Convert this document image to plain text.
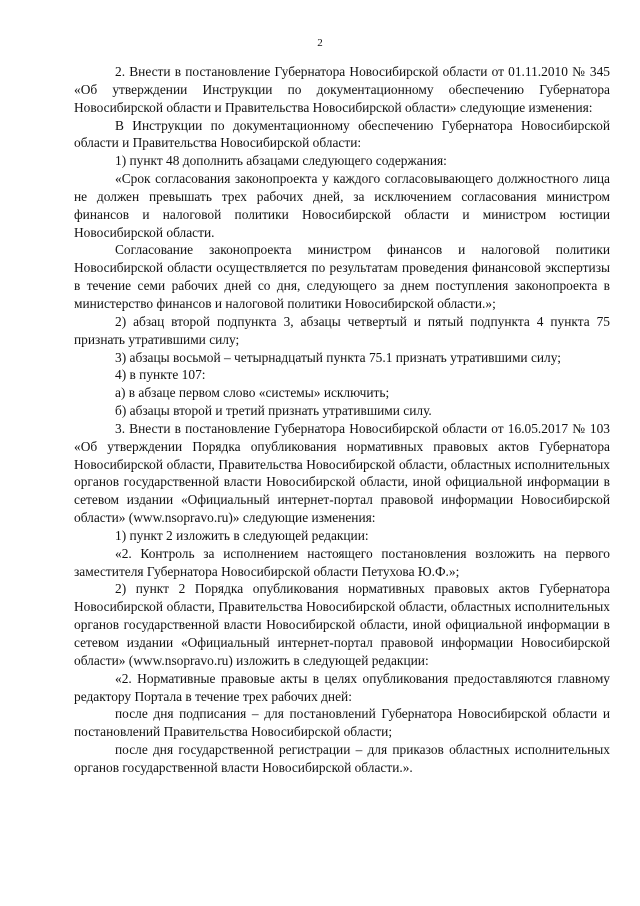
2

2. Внести в постановление Губернатора Новосибирской области от 01.11.2010 № 345 «Об утверждении Инструкции по документационному обеспечению Губернатора Новосибирской области и Правительства Новосибирской области» следующие изменения:

В Инструкции по документационному обеспечению Губернатора Новосибирской области и Правительства Новосибирской области:

1) пункт 48 дополнить абзацами следующего содержания:

«Срок согласования законопроекта у каждого согласовывающего должностного лица не должен превышать трех рабочих дней, за исключением согласования министром финансов и налоговой политики Новосибирской области и министром юстиции Новосибирской области.

Согласование законопроекта министром финансов и налоговой политики Новосибирской области осуществляется по результатам проведения финансовой экспертизы в течение семи рабочих дней со дня, следующего за днем поступления законопроекта в министерство финансов и налоговой политики Новосибирской области.»;

2) абзац второй подпункта 3, абзацы четвертый и пятый подпункта 4 пункта 75 признать утратившими силу;

3) абзацы восьмой – четырнадцатый пункта 75.1 признать утратившими силу;

4) в пункте 107:

а) в абзаце первом слово «системы» исключить;

б) абзацы второй и третий признать утратившими силу.

3. Внести в постановление Губернатора Новосибирской области от 16.05.2017 № 103 «Об утверждении Порядка опубликования нормативных правовых актов Губернатора Новосибирской области, Правительства Новосибирской области, областных исполнительных органов государственной власти Новосибирской области, иной официальной информации в сетевом издании «Официальный интернет-портал правовой информации Новосибирской области» (www.nsopravo.ru)» следующие изменения:

1) пункт 2 изложить в следующей редакции:

«2. Контроль за исполнением настоящего постановления возложить на первого заместителя Губернатора Новосибирской области Петухова Ю.Ф.»;

2) пункт 2 Порядка опубликования нормативных правовых актов Губернатора Новосибирской области, Правительства Новосибирской области, областных исполнительных органов государственной власти Новосибирской области, иной официальной информации в сетевом издании «Официальный интернет-портал правовой информации Новосибирской области» (www.nsopravo.ru) изложить в следующей редакции:

«2. Нормативные правовые акты в целях опубликования предоставляются главному редактору Портала в течение трех рабочих дней:

после дня подписания – для постановлений Губернатора Новосибирской области и постановлений Правительства Новосибирской области;

после дня государственной регистрации – для приказов областных исполнительных органов государственной власти Новосибирской области.».
